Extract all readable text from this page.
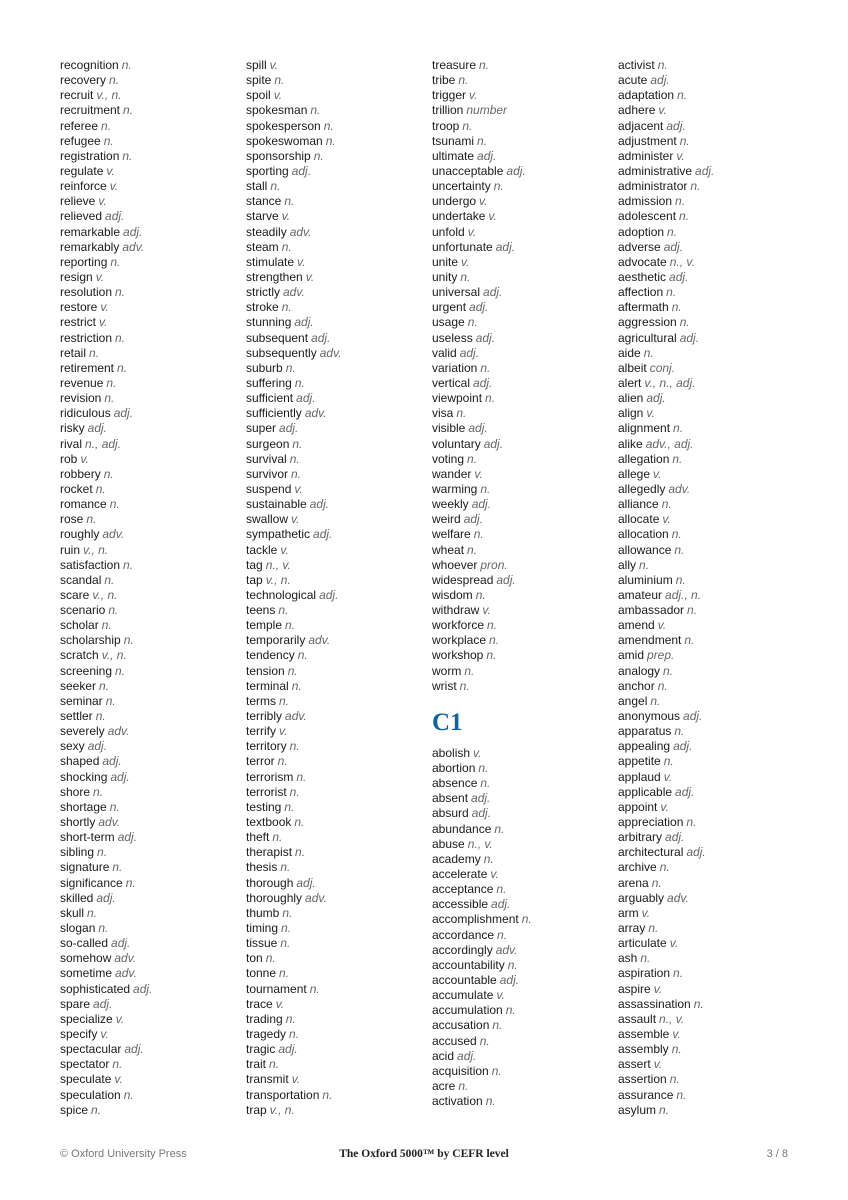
recognition n.
recovery n.
recruit v., n.
recruitment n.
referee n.
refugee n.
registration n.
regulate v.
reinforce v.
relieve v.
relieved adj.
remarkable adj.
remarkably adv.
reporting n.
resign v.
resolution n.
restore v.
restrict v.
restriction n.
retail n.
retirement n.
revenue n.
revision n.
ridiculous adj.
risky adj.
rival n., adj.
rob v.
robbery n.
rocket n.
romance n.
rose n.
roughly adv.
ruin v., n.
satisfaction n.
scandal n.
scare v., n.
scenario n.
scholar n.
scholarship n.
scratch v., n.
screening n.
seeker n.
seminar n.
settler n.
severely adv.
sexy adj.
shaped adj.
shocking adj.
shore n.
shortage n.
shortly adv.
short-term adj.
sibling n.
signature n.
significance n.
skilled adj.
skull n.
slogan n.
so-called adj.
somehow adv.
sometime adv.
sophisticated adj.
spare adj.
specialize v.
specify v.
spectacular adj.
spectator n.
speculate v.
speculation n.
spice n.
spill v.
spite n.
spoil v.
spokesman n.
spokesperson n.
spokeswoman n.
sponsorship n.
sporting adj.
stall n.
stance n.
starve v.
steadily adv.
steam n.
stimulate v.
strengthen v.
strictly adv.
stroke n.
stunning adj.
subsequent adj.
subsequently adv.
suburb n.
suffering n.
sufficient adj.
sufficiently adv.
super adj.
surgeon n.
survival n.
survivor n.
suspend v.
sustainable adj.
swallow v.
sympathetic adj.
tackle v.
tag n., v.
tap v., n.
technological adj.
teens n.
temple n.
temporarily adv.
tendency n.
tension n.
terminal n.
terms n.
terribly adv.
terrify v.
territory n.
terror n.
terrorism n.
terrorist n.
testing n.
textbook n.
theft n.
therapist n.
thesis n.
thorough adj.
thoroughly adv.
thumb n.
timing n.
tissue n.
ton n.
tonne n.
tournament n.
trace v.
trading n.
tragedy n.
tragic adj.
trait n.
transmit v.
transportation n.
trap v., n.
treasure n.
tribe n.
trigger v.
trillion number
troop n.
tsunami n.
ultimate adj.
unacceptable adj.
uncertainty n.
undergo v.
undertake v.
unfold v.
unfortunate adj.
unite v.
unity n.
universal adj.
urgent adj.
usage n.
useless adj.
valid adj.
variation n.
vertical adj.
viewpoint n.
visa n.
visible adj.
voluntary adj.
voting n.
wander v.
warming n.
weekly adj.
weird adj.
welfare n.
wheat n.
whoever pron.
widespread adj.
wisdom n.
withdraw v.
workforce n.
workplace n.
workshop n.
worm n.
wrist n.
C1
abolish v.
abortion n.
absence n.
absent adj.
absurd adj.
abundance n.
abuse n., v.
academy n.
accelerate v.
acceptance n.
accessible adj.
accomplishment n.
accordance n.
accordingly adv.
accountability n.
accountable adj.
accumulate v.
accumulation n.
accusation n.
accused n.
acid adj.
acquisition n.
acre n.
activation n.
activist n.
acute adj.
adaptation n.
adhere v.
adjacent adj.
adjustment n.
administer v.
administrative adj.
administrator n.
admission n.
adolescent n.
adoption n.
adverse adj.
advocate n., v.
aesthetic adj.
affection n.
aftermath n.
aggression n.
agricultural adj.
aide n.
albeit conj.
alert v., n., adj.
alien adj.
align v.
alignment n.
alike adv., adj.
allegation n.
allege v.
allegedly adv.
alliance n.
allocate v.
allocation n.
allowance n.
ally n.
aluminium n.
amateur adj., n.
ambassador n.
amend v.
amendment n.
amid prep.
analogy n.
anchor n.
angel n.
anonymous adj.
apparatus n.
appealing adj.
appetite n.
applaud v.
applicable adj.
appoint v.
appreciation n.
arbitrary adj.
architectural adj.
archive n.
arena n.
arguably adv.
arm v.
array n.
articulate v.
ash n.
aspiration n.
aspire v.
assassination n.
assault n., v.
assemble v.
assembly n.
assert v.
assertion n.
assurance n.
asylum n.
© Oxford University Press	The Oxford 5000™ by CEFR level	3 / 8
